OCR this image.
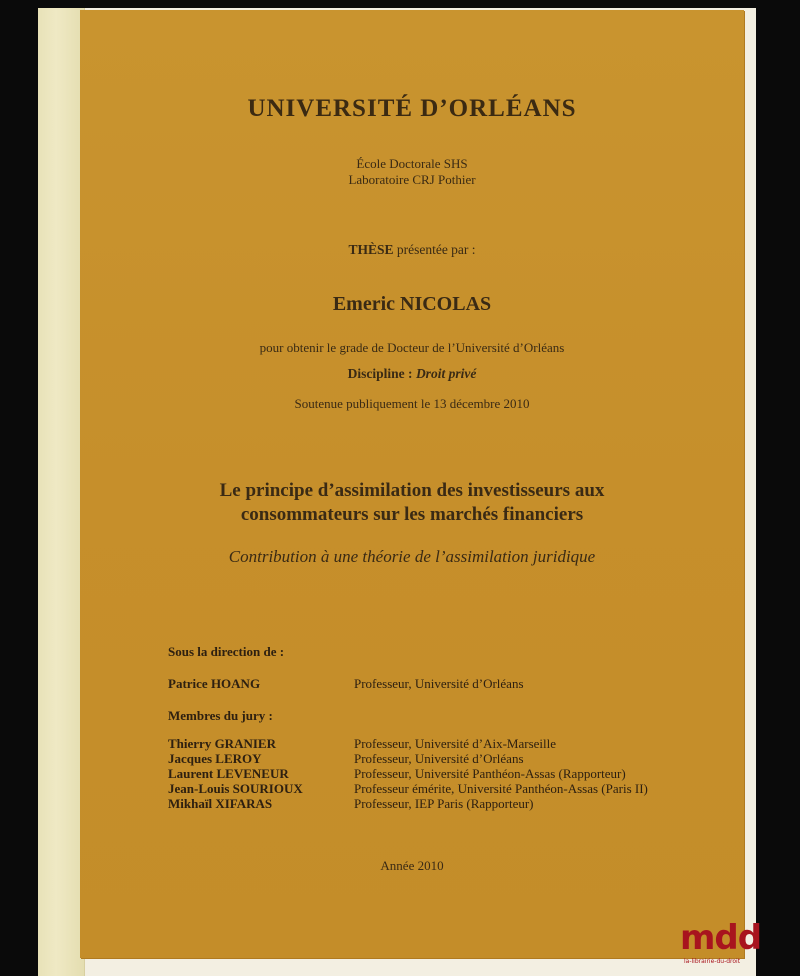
UNIVERSITÉ D’ORLÉANS
École Doctorale SHS
Laboratoire CRJ Pothier
THÈSE présentée par :
Emeric NICOLAS
pour obtenir le grade de Docteur de l’Université d’Orléans
Discipline : Droit privé
Soutenue publiquement le 13 décembre 2010
Le principe d’assimilation des investisseurs aux
consommateurs sur les marchés financiers
Contribution à une théorie de l’assimilation juridique
Sous la direction de :
Patrice HOANG	Professeur, Université d’Orléans
Membres du jury :
Thierry GRANIER	Professeur, Université d’Aix-Marseille
Jacques LEROY	Professeur, Université d’Orléans
Laurent LEVENEUR	Professeur, Université Panthéon-Assas (Rapporteur)
Jean-Louis SOURIOUX	Professeur émérite, Université Panthéon-Assas (Paris II)
Mikhaïl XIFARAS	Professeur, IEP Paris (Rapporteur)
Année 2010
mdd
la-librairie-du-droit
